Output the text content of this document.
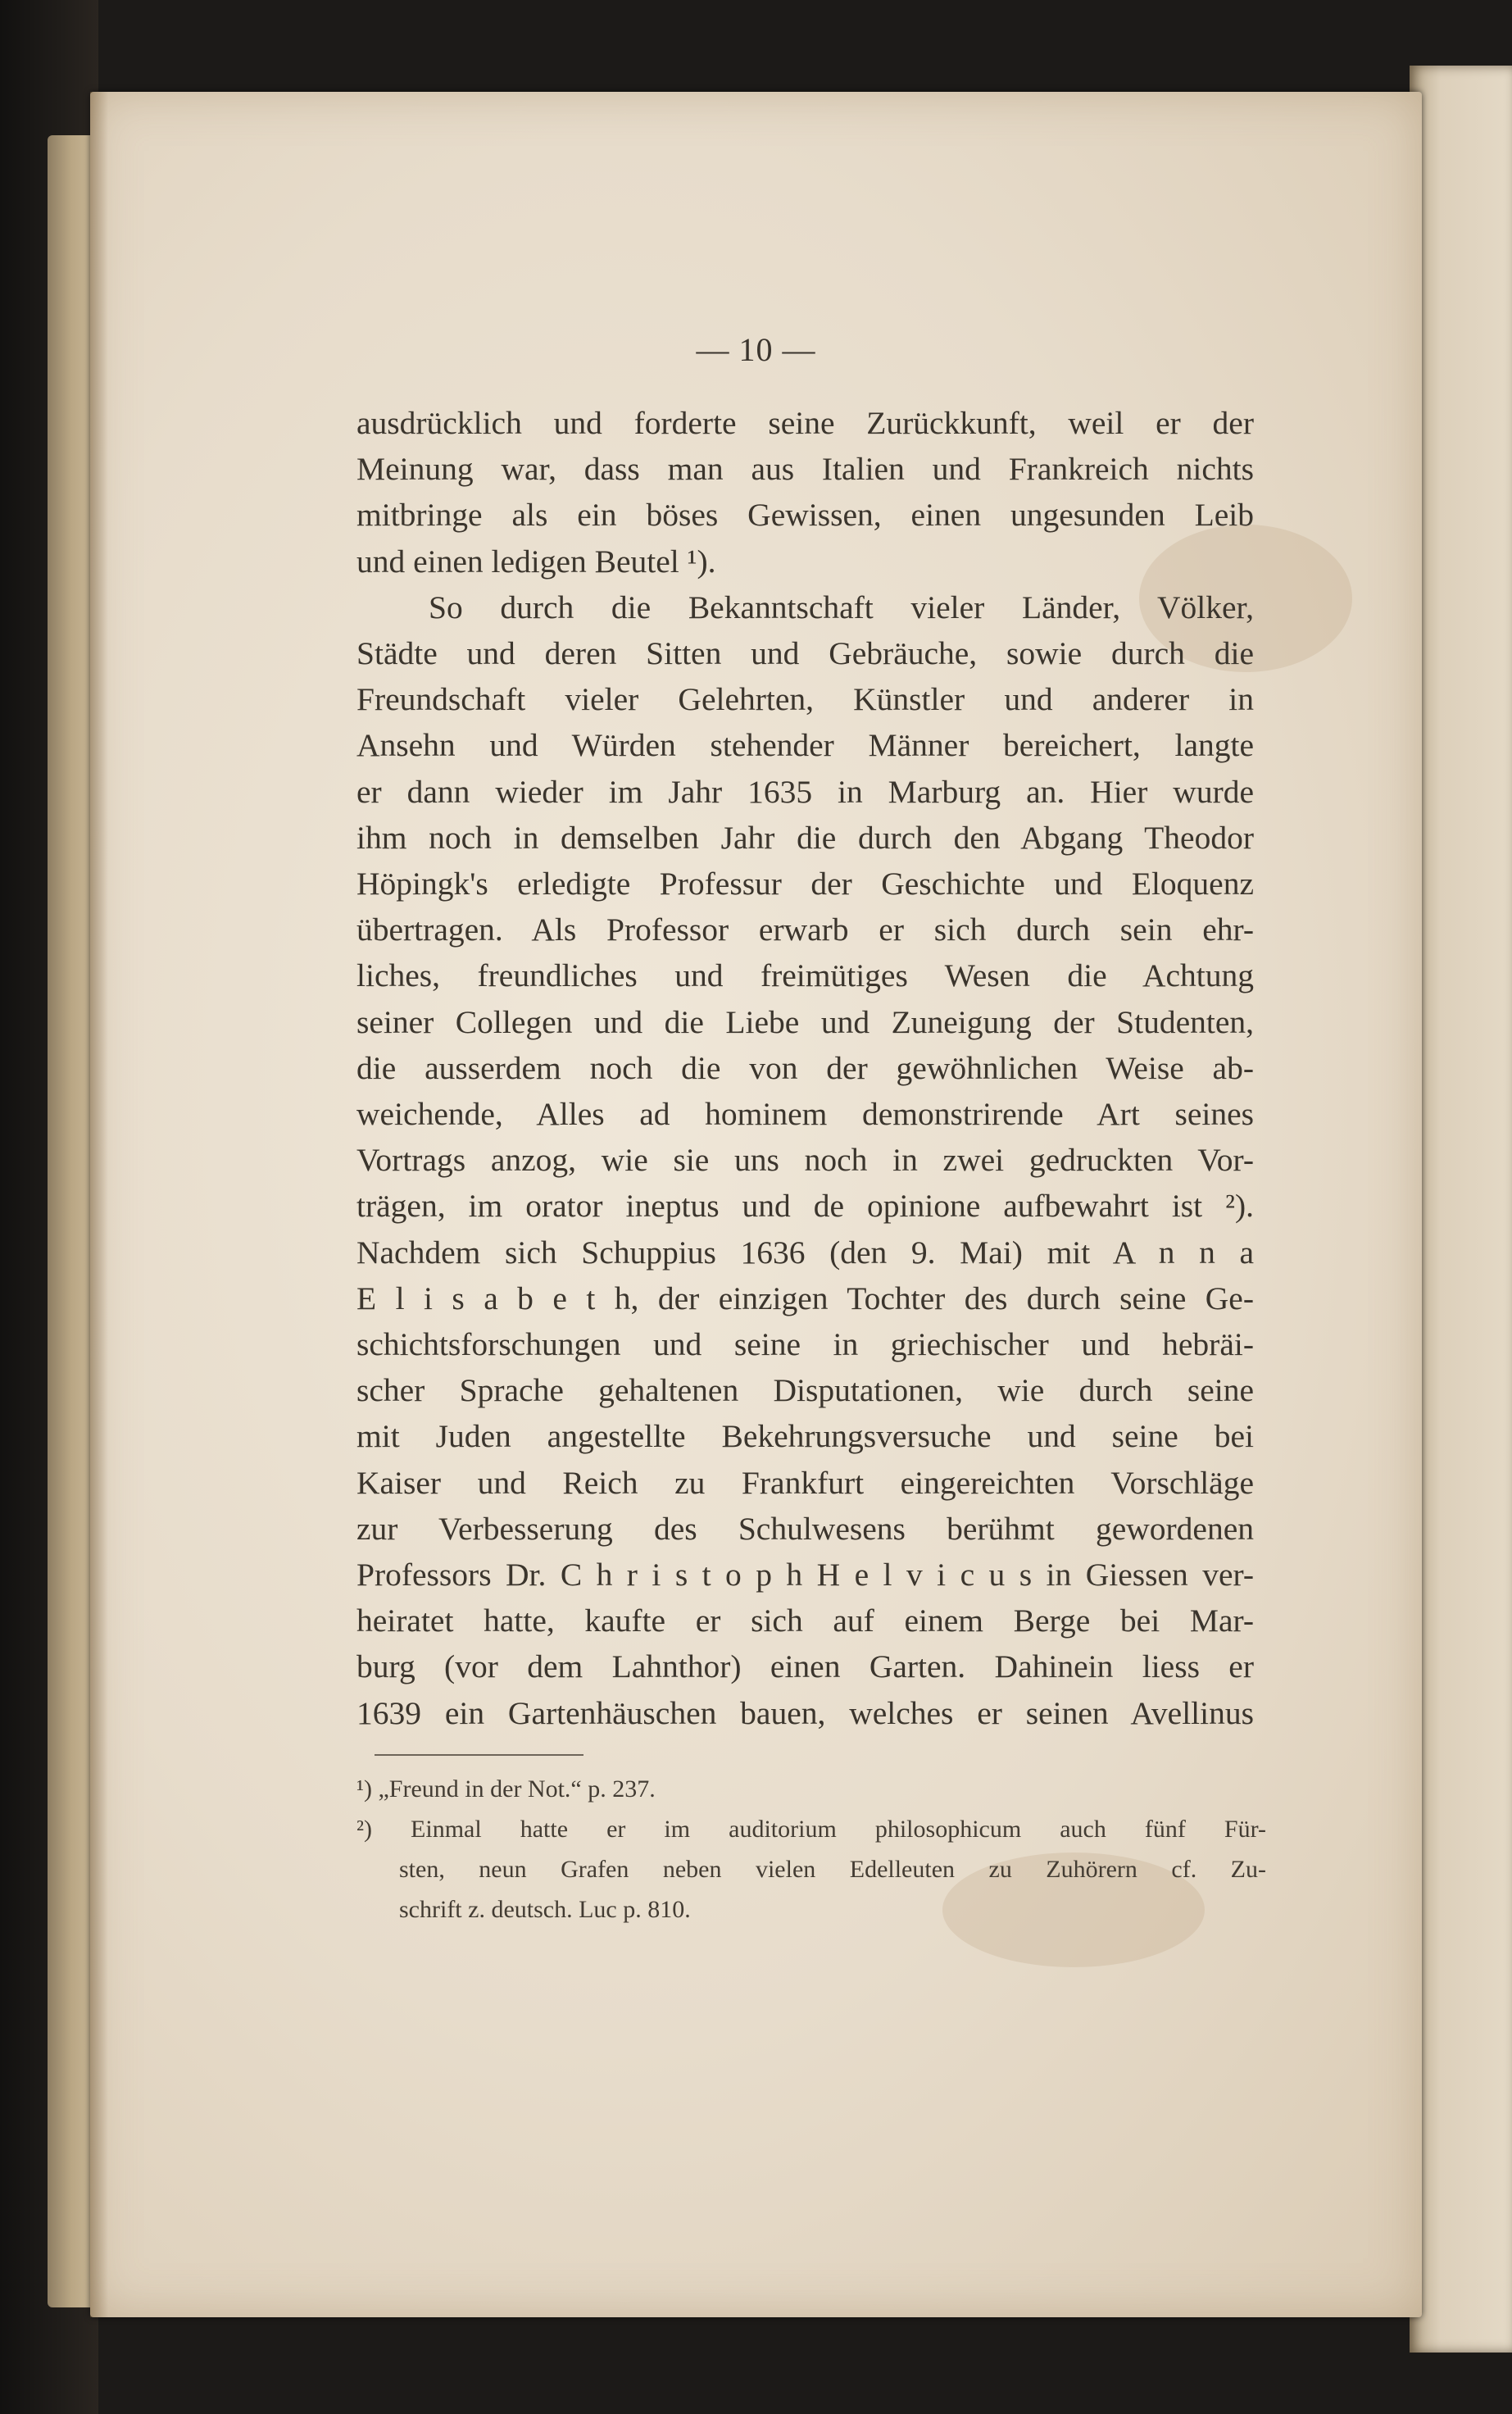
— 10 —
ausdrücklich und forderte seine Zurückkunft, weil er der
Meinung war, dass man aus Italien und Frankreich nichts
mitbringe als ein böses Gewissen, einen ungesunden Leib
und einen ledigen Beutel ¹).
So durch die Bekanntschaft vieler Länder, Völker,
Städte und deren Sitten und Gebräuche, sowie durch die
Freundschaft vieler Gelehrten, Künstler und anderer in
Ansehn und Würden stehender Männer bereichert, langte
er dann wieder im Jahr 1635 in Marburg an. Hier wurde
ihm noch in demselben Jahr die durch den Abgang Theodor
Höpingk's erledigte Professur der Geschichte und Eloquenz
übertragen. Als Professor erwarb er sich durch sein ehr-
liches, freundliches und freimütiges Wesen die Achtung
seiner Collegen und die Liebe und Zuneigung der Studenten,
die ausserdem noch die von der gewöhnlichen Weise ab-
weichende, Alles ad hominem demonstrirende Art seines
Vortrags anzog, wie sie uns noch in zwei gedruckten Vor-
trägen, im orator ineptus und de opinione aufbewahrt ist ²).
Nachdem sich Schuppius 1636 (den 9. Mai) mit A n n a
E l i s a b e t h, der einzigen Tochter des durch seine Ge-
schichtsforschungen und seine in griechischer und hebräi-
scher Sprache gehaltenen Disputationen, wie durch seine
mit Juden angestellte Bekehrungsversuche und seine bei
Kaiser und Reich zu Frankfurt eingereichten Vorschläge
zur Verbesserung des Schulwesens berühmt gewordenen
Professors Dr. C h r i s t o p h H e l v i c u s in Giessen ver-
heiratet hatte, kaufte er sich auf einem Berge bei Mar-
burg (vor dem Lahnthor) einen Garten. Dahinein liess er
1639 ein Gartenhäuschen bauen, welches er seinen Avellinus
¹) „Freund in der Not.“ p. 237.
²) Einmal hatte er im auditorium philosophicum auch fünf Für-
sten, neun Grafen neben vielen Edelleuten zu Zuhörern cf. Zu-
schrift z. deutsch. Luc p. 810.
